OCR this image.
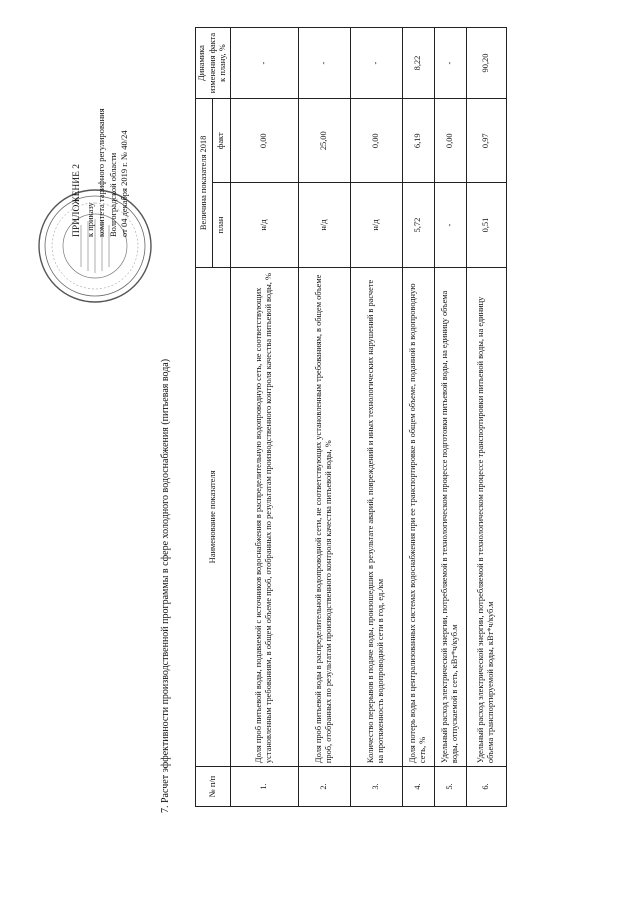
ПРИЛОЖЕНИЕ 2 к приказу комитета тарифного регулирования Волгоградской области от 04 декабря 2019 г. № 40/24
7. Расчет эффективности производственной программы в сфере холодного водоснабжения (питьевая вода)	№ п/п	Наименование показателя	Величина показателя 2018		Динамика изменения факта к плану, %
		план	факт	
1.	Доля проб питьевой воды, подаваемой с источников водоснабжения в распределительную водопроводную сеть, не соответствующих установленным требованиям, в общем объеме проб, отобранных по результатам производственного контроля качества питьевой воды, %	н/д	0,00	-
2.	Доля проб питьевой воды в распределительной водопроводной сети, не соответствующих установленным требованиям, в общем объеме проб, отобранных по результатам производственного контроля качества питьевой воды, %	н/д	25,00	-
3.	Количество перерывов в подаче воды, произошедших в результате аварий, повреждений и иных технологических нарушений в расчете на протяженность водопроводной сети в год, ед./км	н/д	0,00	-
4.	Доля потерь воды в централизованных системах водоснабжения при ее транспортировке в общем объеме, поданной в водопроводную сеть, %	5,72	6,19	8,22
5.	Удельный расход электрической энергии, потребляемой в технологическом процессе подготовки питьевой воды, на единицу объема воды, отпускаемой в сеть, кВт*ч/куб.м	-	0,00	-
6.	Удельный расход электрической энергии, потребляемой в технологическом процессе транспортировки питьевой воды, на единицу объема транспортируемой воды, кВт*ч/куб.м	0,51	0,97	90,20
